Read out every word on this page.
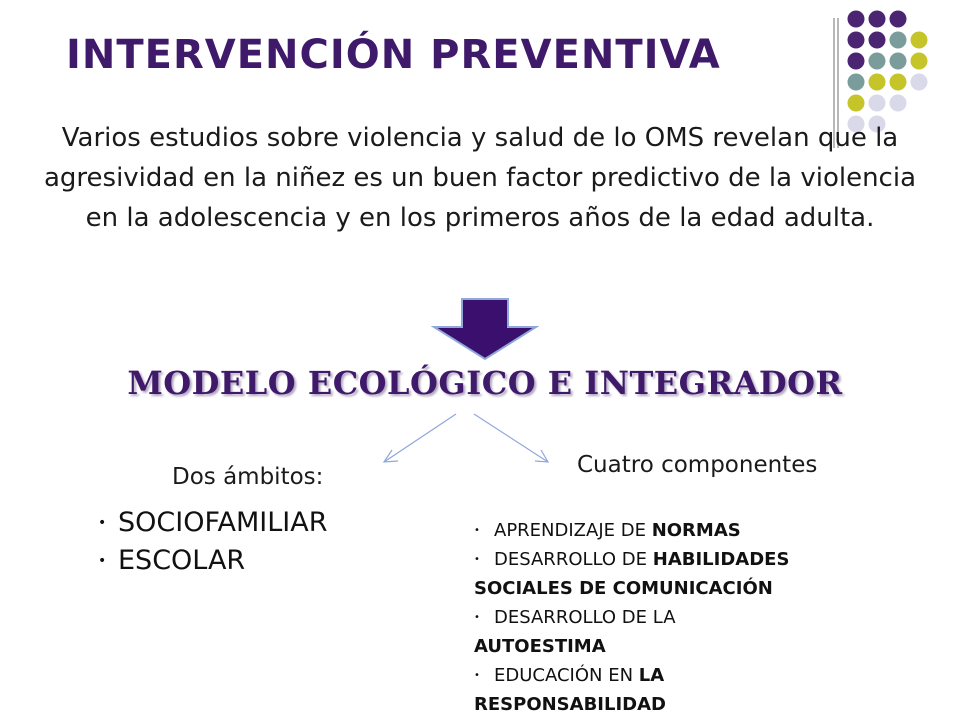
INTERVENCIÓN PREVENTIVA

Varios estudios sobre violencia y salud de lo OMS revelan que la agresividad en la niñez es un buen factor predictivo de la violencia en la adolescencia y en los primeros años de la edad adulta.

MODELO ECOLÓGICO E INTEGRADOR
Dos ámbitos:	Cuatro componentes
• SOCIOFAMILIAR
• ESCOLAR
• APRENDIZAJE DE NORMAS
• DESARROLLO DE HABILIDADES
SOCIALES DE COMUNICACIÓN
• DESARROLLO DE LA
AUTOESTIMA
• EDUCACIÓN EN LA
RESPONSABILIDAD
